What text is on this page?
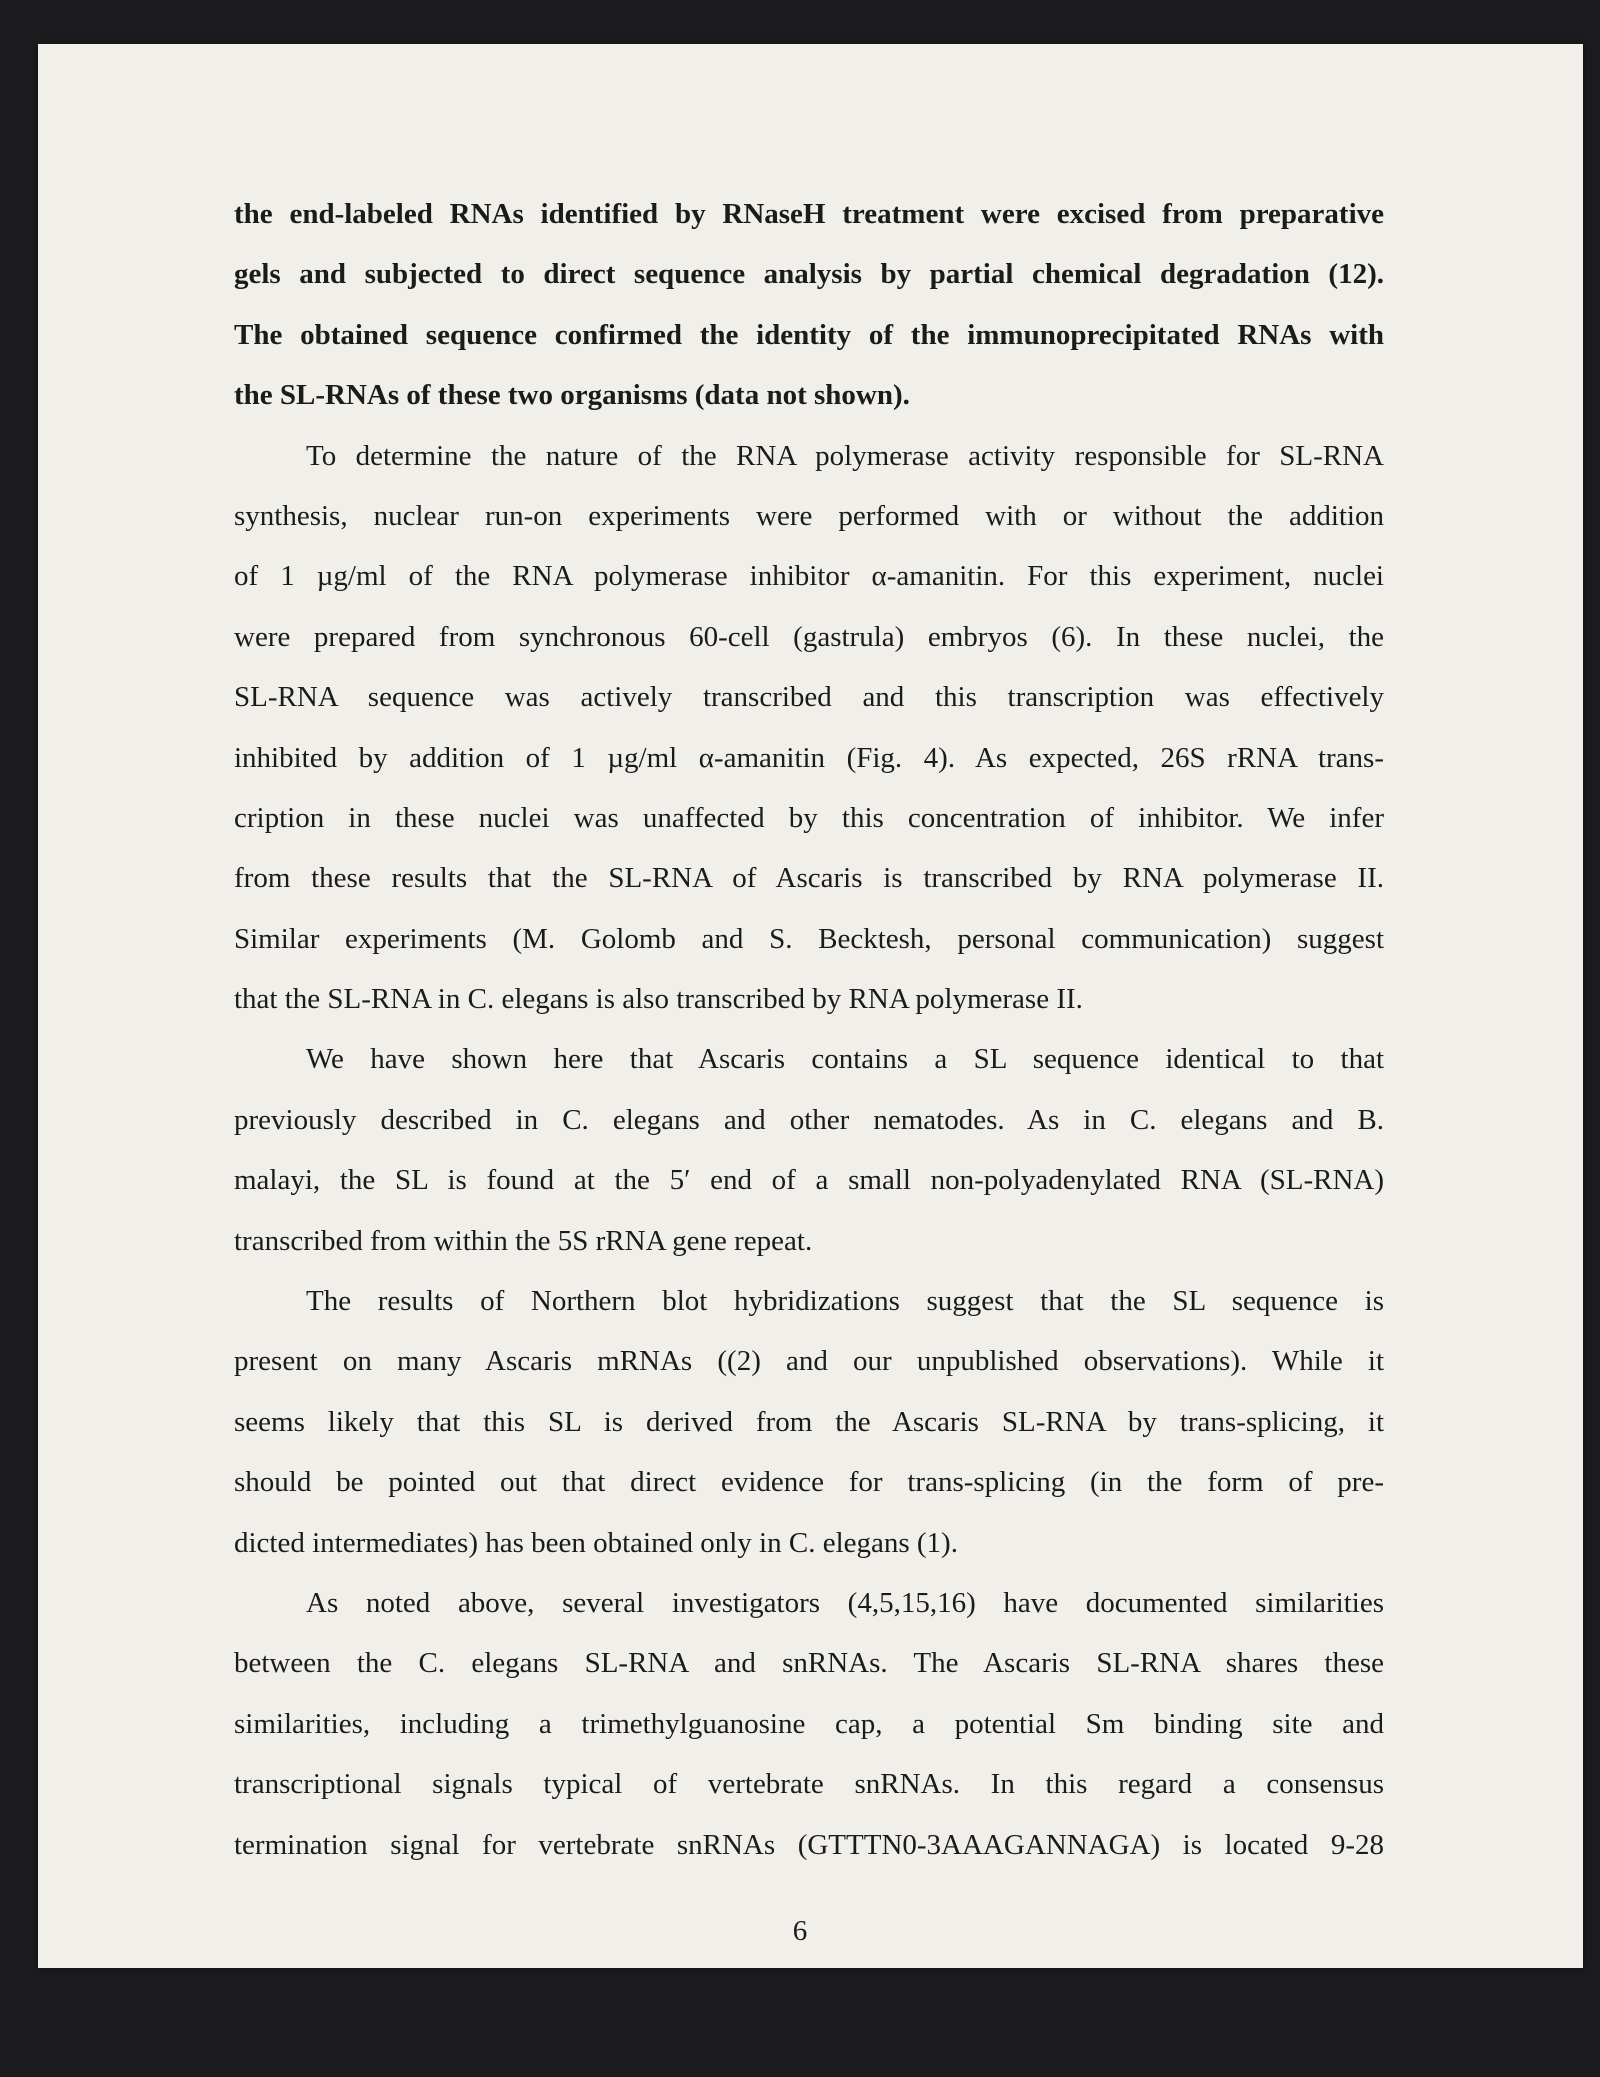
the end-labeled RNAs identified by RNaseH treatment were excised from preparative
gels and subjected to direct sequence analysis by partial chemical degradation (12).
The obtained sequence confirmed the identity of the immunoprecipitated RNAs with
the SL-RNAs of these two organisms (data not shown).
To determine the nature of the RNA polymerase activity responsible for SL-RNA
synthesis, nuclear run-on experiments were performed with or without the addition
of 1 µg/ml of the RNA polymerase inhibitor α-amanitin. For this experiment, nuclei
were prepared from synchronous 60-cell (gastrula) embryos (6). In these nuclei, the
SL-RNA sequence was actively transcribed and this transcription was effectively
inhibited by addition of 1 µg/ml α-amanitin (Fig. 4). As expected, 26S rRNA trans-
cription in these nuclei was unaffected by this concentration of inhibitor. We infer
from these results that the SL-RNA of Ascaris is transcribed by RNA polymerase II.
Similar experiments (M. Golomb and S. Becktesh, personal communication) suggest
that the SL-RNA in C. elegans is also transcribed by RNA polymerase II.
We have shown here that Ascaris contains a SL sequence identical to that
previously described in C. elegans and other nematodes. As in C. elegans and B.
malayi, the SL is found at the 5′ end of a small non-polyadenylated RNA (SL-RNA)
transcribed from within the 5S rRNA gene repeat.
The results of Northern blot hybridizations suggest that the SL sequence is
present on many Ascaris mRNAs ((2) and our unpublished observations). While it
seems likely that this SL is derived from the Ascaris SL-RNA by trans-splicing, it
should be pointed out that direct evidence for trans-splicing (in the form of pre-
dicted intermediates) has been obtained only in C. elegans (1).
As noted above, several investigators (4,5,15,16) have documented similarities
between the C. elegans SL-RNA and snRNAs. The Ascaris SL-RNA shares these
similarities, including a trimethylguanosine cap, a potential Sm binding site and
transcriptional signals typical of vertebrate snRNAs. In this regard a consensus
termination signal for vertebrate snRNAs (GTTTN0-3AAAGANNAGA) is located 9-28
6
